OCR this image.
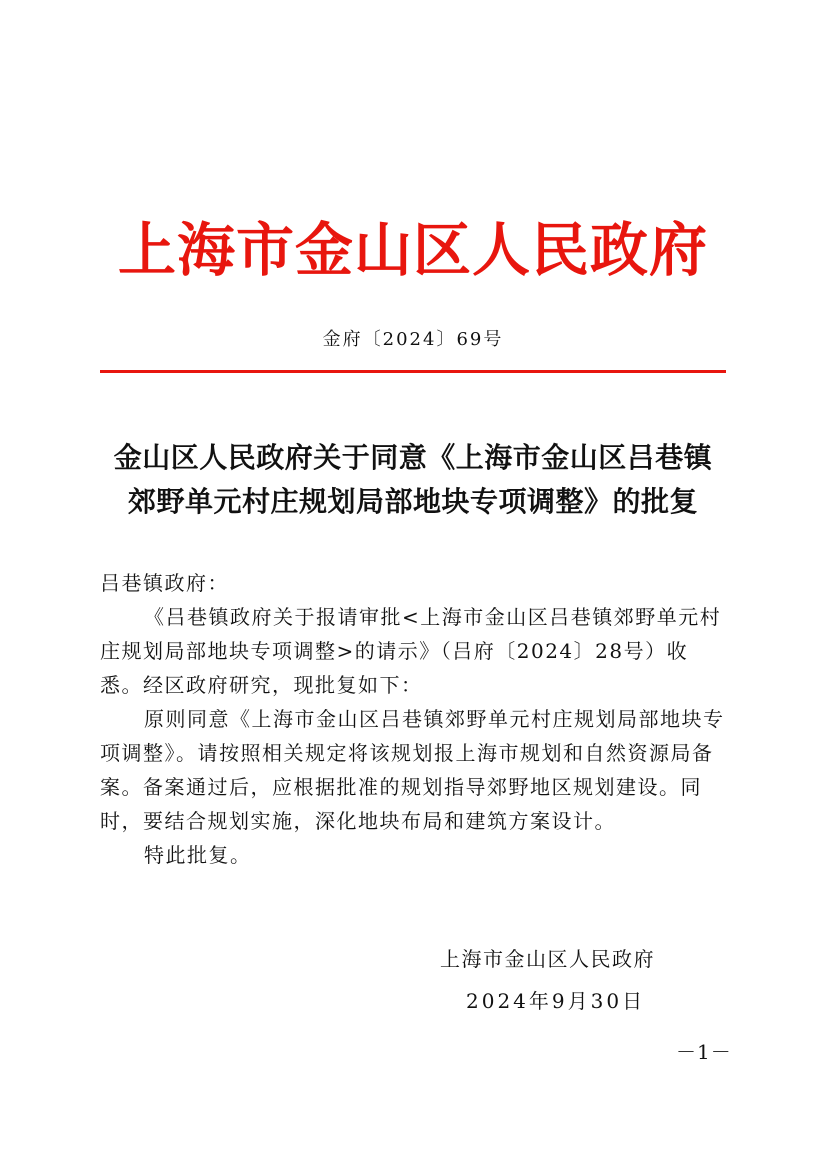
上海市金山区人民政府
金府〔2024〕69号
金山区人民政府关于同意《上海市金山区吕巷镇
郊野单元村庄规划局部地块专项调整》的批复

吕巷镇政府：

《吕巷镇政府关于报请审批<上海市金山区吕巷镇郊野单元村庄规划局部地块专项调整>的请示》（吕府〔2024〕28号）收悉。经区政府研究，现批复如下：

原则同意《上海市金山区吕巷镇郊野单元村庄规划局部地块专项调整》。请按照相关规定将该规划报上海市规划和自然资源局备案。备案通过后，应根据批准的规划指导郊野地区规划建设。同时，要结合规划实施，深化地块布局和建筑方案设计。

特此批复。

上海市金山区人民政府
2024年9月30日
－1－
